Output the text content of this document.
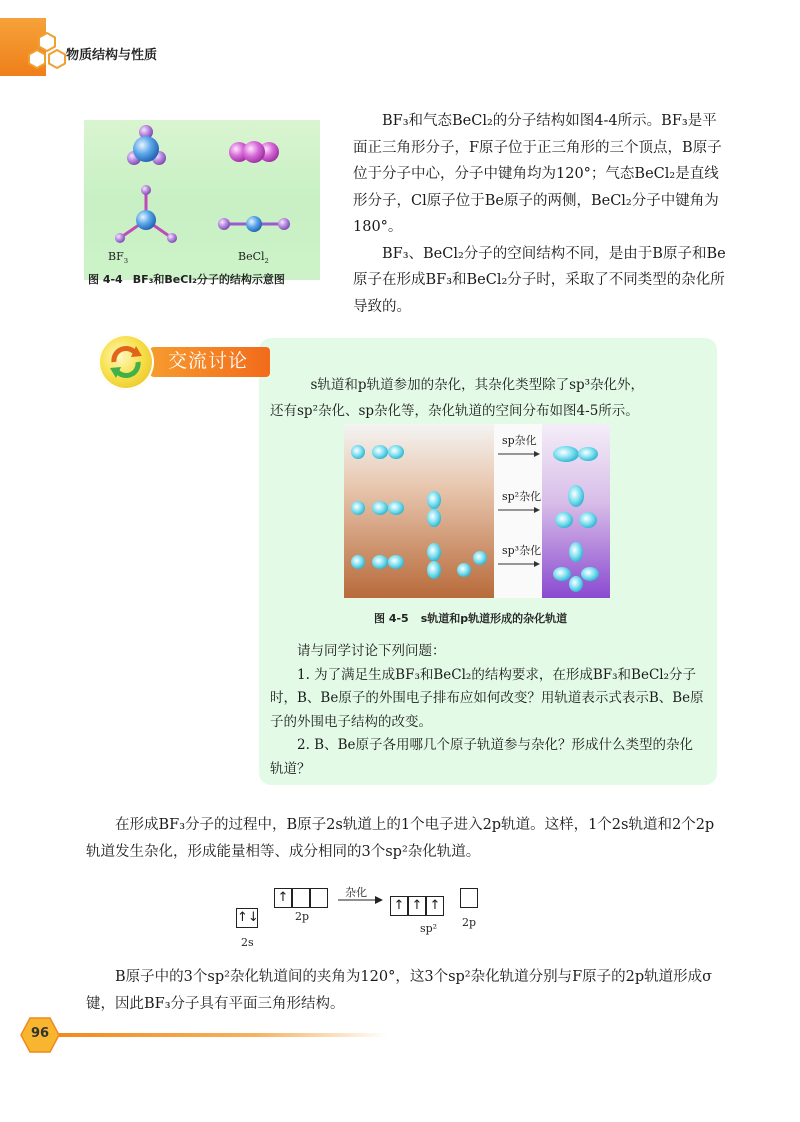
物质结构与性质
$BF_3$	BeCl$_2$
图 4-4 BF₃和BeCl₂分子的结构示意图

BF₃和气态BeCl₂的分子结构如图4-4所示。BF₃是平面正三角形分子，F原子位于正三角形的三个顶点，B原子位于分子中心，分子中键角均为120°；气态BeCl₂是直线形分子，Cl原子位于Be原子的两侧，BeCl₂分子中键角为180°。

BF₃、BeCl₂分子的空间结构不同，是由于B原子和Be原子在形成BF₃和BeCl₂分子时，采取了不同类型的杂化所导致的。

交流讨论

s轨道和p轨道参加的杂化，其杂化类型除了sp³杂化外，

还有sp²杂化、sp杂化等，杂化轨道的空间分布如图4-5所示。

sp杂化
sp²杂化
sp³杂化
图 4-5 s轨道和p轨道形成的杂化轨道

请与同学讨论下列问题：

1. 为了满足生成BF₃和BeCl₂的结构要求，在形成BF₃和BeCl₂分子时，B、Be原子的外围电子排布应如何改变？用轨道表示式表示B、Be原子的外围电子结构的改变。

2. B、Be原子各用哪几个原子轨道参与杂化？形成什么类型的杂化轨道？

在形成BF₃分子的过程中，B原子2s轨道上的1个电子进入2p轨道。这样，1个2s轨道和2个2p轨道发生杂化，形成能量相等、成分相同的3个sp²杂化轨道。

↑↓
2s
↑
2p
杂化
↑ ↑ ↑
sp² 2p

B原子中的3个sp²杂化轨道间的夹角为120°，这3个sp²杂化轨道分别与F原子的2p轨道形成σ键，因此BF₃分子具有平面三角形结构。

96
